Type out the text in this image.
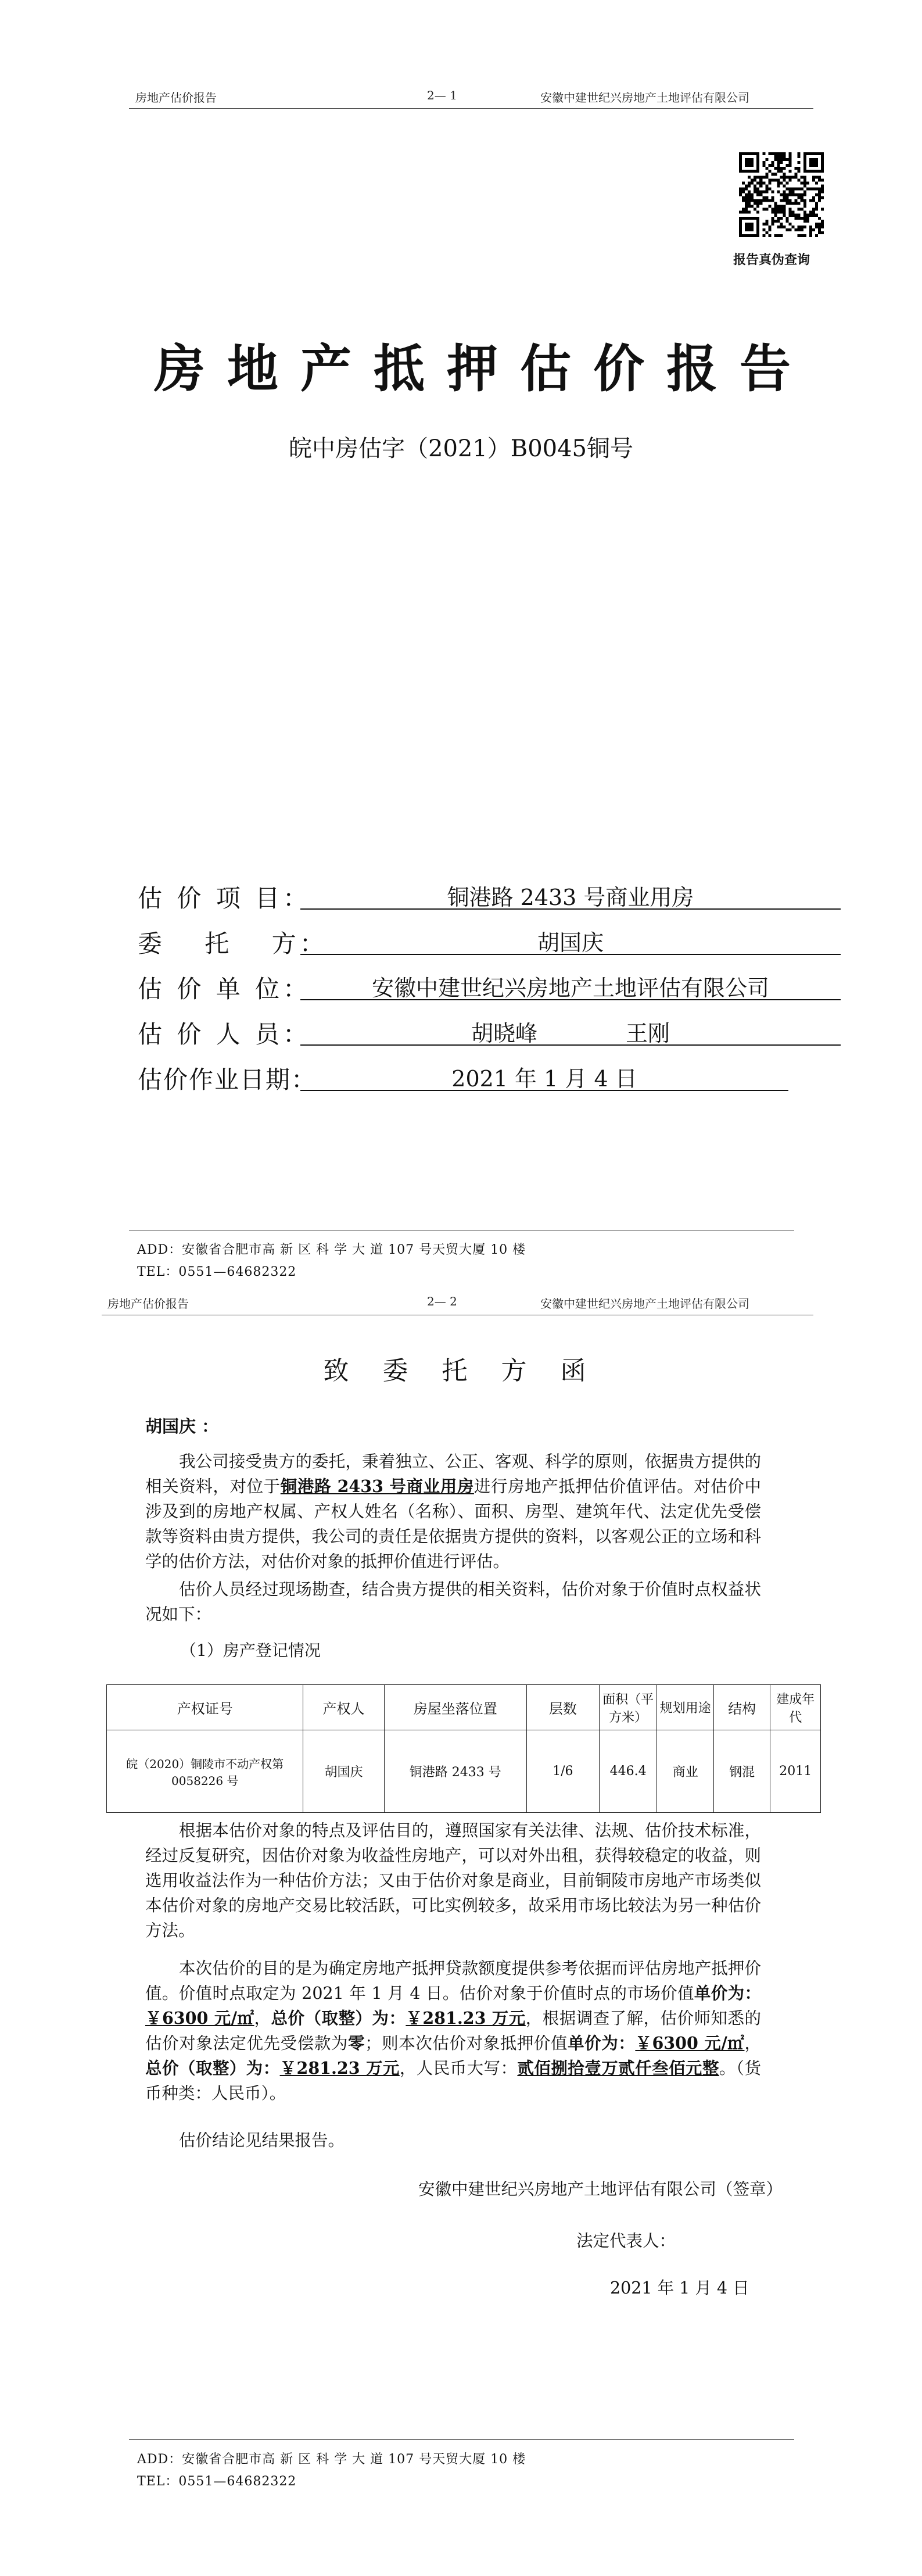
房地产估价报告	2— 1	安徽中建世纪兴房地产土地评估有限公司
报告真伪查询
房地产抵押估价报告
皖中房估字（2021）B0045铜号
估 价 项 目：	铜港路 2433 号商业用房
委　 托　 方：	胡国庆
估 价 单 位：	安徽中建世纪兴房地产土地评估有限公司
估 价 人 员：	胡晓峰　　　　王刚
估价作业日期：	2021 年 1 月 4 日
ADD：安徽省合肥市高 新 区 科 学 大 道 107 号天贸大厦 10 楼
TEL：0551—64682322
房地产估价报告	2— 2	安徽中建世纪兴房地产土地评估有限公司
致 委 托 方 函
胡国庆 ：
我公司接受贵方的委托，秉着独立、公正、客观、科学的原则，依据贵方提供的相关资料，对位于铜港路 2433 号商业用房进行房地产抵押估价值评估。对估价中涉及到的房地产权属、产权人姓名（名称）、面积、房型、建筑年代、法定优先受偿款等资料由贵方提供，我公司的责任是依据贵方提供的资料，以客观公正的立场和科学的估价方法，对估价对象的抵押价值进行评估。
估价人员经过现场勘查，结合贵方提供的相关资料，估价对象于价值时点权益状况如下：
（1）房产登记情况
产权证号	产权人	房屋坐落位置	层数	面积（平方米）	规划用途	结构	建成年代
皖（2020）铜陵市不动产权第0058226 号	胡国庆	铜港路 2433 号	1/6	446.4	商业	钢混	2011
根据本估价对象的特点及评估目的，遵照国家有关法律、法规、估价技术标准，经过反复研究，因估价对象为收益性房地产，可以对外出租，获得较稳定的收益，则选用收益法作为一种估价方法；又由于估价对象是商业，目前铜陵市房地产市场类似本估价对象的房地产交易比较活跃，可比实例较多，故采用市场比较法为另一种估价方法。
本次估价的目的是为确定房地产抵押贷款额度提供参考依据而评估房地产抵押价值。价值时点取定为 2021 年 1 月 4 日。估价对象于价值时点的市场价值单价为：￥6300 元/㎡，总价（取整）为：￥281.23 万元，根据调查了解，估价师知悉的估价对象法定优先受偿款为零；则本次估价对象抵押价值单价为：￥6300 元/㎡，总价（取整）为：￥281.23 万元，人民币大写：贰佰捌拾壹万贰仟叁佰元整。（货币种类：人民币）。
估价结论见结果报告。
安徽中建世纪兴房地产土地评估有限公司（签章）
法定代表人：
2021 年 1 月 4 日
ADD：安徽省合肥市高 新 区 科 学 大 道 107 号天贸大厦 10 楼
TEL：0551—64682322
